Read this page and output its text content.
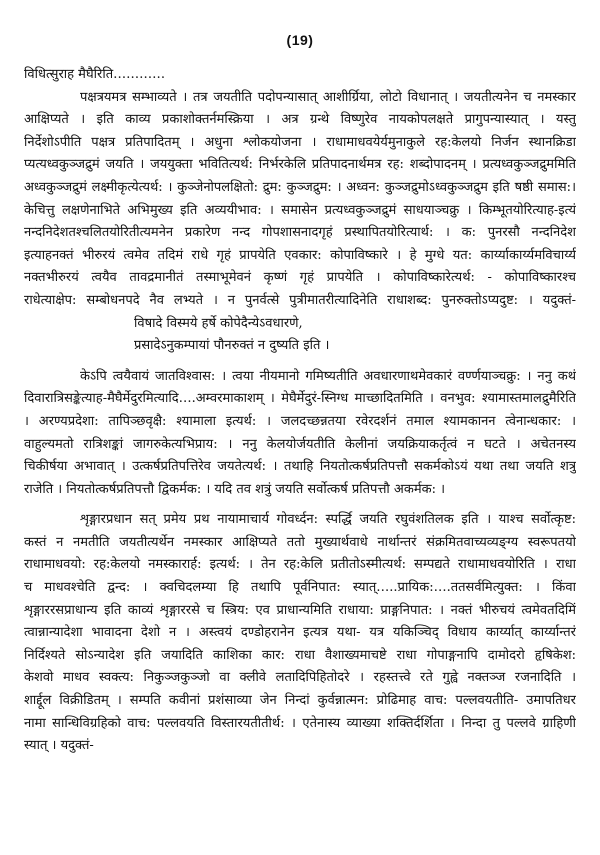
(19)
विधित्सुराह मैघैरिति…………
पक्षत्रयमत्र सम्भाव्यते । तत्र जयतीति पदोपन्यासात् आशीर्ग्रिया, लोटो विधानात् । जयतीत्यनेन च नमस्कार
आक्षिप्यते । इति काव्य प्रकाशोक्तर्नमस्क्रिया । अत्र ग्रन्थे विष्णुरेव नायकोपलक्षते प्रागुपन्यास्यात् । यस्तु
निर्देशोऽपीति पक्षत्र प्रतिपादितम् । अधुना श्लोकयोजना । राधामाधवयेर्यमुनाकुले रह:केलयो निर्जन स्थानक्रिडा
प्यत्यध्वकुञ्जद्रुमं जयति । जययुक्ता भवितित्यर्थ: निर्भरकेलि प्रतिपादनार्थमत्र रह: शब्दोपादनम् । प्रत्यध्वकुञ्जद्रुममिति
अध्वकुञ्जद्रुमं लक्ष्मीकृत्येत्यर्थ: । कुञ्जेनोपलक्षितो: द्रुम: कुञ्जद्रुम: । अध्वन: कुञ्जद्रुमोऽध्वकुञ्जद्रुम इति षष्ठी समास:।
केचित्तु लक्षणेनाभिते अभिमुख्य इति अव्ययीभाव: । समासेन प्रत्यध्वकुञ्जद्रुमं साधयाञ्चक्रु । किम्भूतयोरित्याह-इत्यं
नन्दनिदेशतश्चलितयोरितीत्यमनेन प्रकारेण नन्द गोपशासनादगृहं प्रस्थापितयोरित्यार्थ: । क: पुनरसौ नन्दनिदेश
इत्याहनक्तं भीरुरयं त्वमेव तदिमं राधे गृहं प्रापयेति एवकार: कोपाविष्कारे । हे मुग्धे यत: कार्य्याकार्य्यमविचार्य्य
नक्तभीरुरयं त्वयैव तावद्रमानीतं तस्माभूमेवनं कृष्णं गृहं प्रापयेति । कोपाविष्कारेत्यर्थ: - कोपाविष्कारश्च
राधेत्याक्षेप: सम्बोधनपदे नैव लभ्यते । न पुनर्वत्से पुत्रीमातरीत्यादिनेति राधाशब्द: पुनरुक्तोऽप्यदुष्ट: । यदुक्तं-
विषादे विस्मये हर्षे कोपेदैन्येऽवधारणे,
प्रसादेऽनुकम्पायां पौनरुक्तं न दुष्यति इति ।
केऽपि त्वयैवायं जातविश्वास: । त्वया नीयमानो गमिष्यतीति अवधारणाथमेवकारं वर्ण्णयाञ्चक्रु: । ननु कथं
दिवारात्रिसङ्केत्याह-मैघैर्मेदुरमित्यादि….अम्वरमाकाशम् । मेघैर्मेदुरं-स्निग्ध माच्छादितमिति । वनभुव: श्यामास्तमालद्रुमैरिति
। अरण्यप्रदेशा: तापिञ्छवृक्षै: श्यामाला इत्यर्थ: । जलदच्छन्नतया रवेरदर्शनं तमाल श्यामकानन त्वेनान्धकार: ।
वाहुल्यमतो रात्रिशङ्कां जागरुकेत्यभिप्राय: । ननु केलयोर्जयतीति केलीनां जयक्रियाकर्तृत्वं न घटते । अचेतनस्य
चिकीर्षया अभावात् । उत्कर्षप्रतिपत्तिरेव जयतेत्यर्थ: । तथाहि नियतोत्कर्षप्रतिपत्तौ सकर्मकोऽयं यथा तथा जयति शत्रु
राजेति । नियतोत्कर्षप्रतिपत्तौ द्विकर्मक: । यदि तव शत्रुं जयति सर्वोत्कर्ष प्रतिपत्तौ अकर्मक: ।
शृङ्गारप्रधान सत् प्रमेय प्रथ नायामाचार्य गोवर्ध्दन: स्पर्द्धि जयति रघुवंशतिलक इति । याश्च सर्वोत्कृष्ट:
कस्तं न नमतीति जयतीत्यर्थेन नमस्कार आक्षिप्यते ततो मुख्यार्थवाधे नार्थान्तरं संक्रमितवाच्यव्यङ्ग्य स्वरूपतयो
राधामाधवयो: रह:केलयो नमस्कारार्ह: इत्यर्थ: । तेन रह:केलि प्रतीतोऽस्मीत्यर्थ: सम्पद्यते राधामाधवयोरिति । राधा
च माधवश्चेति द्वन्द: । क्वचिदलम्या हि तथापि पूर्वनिपात: स्यात्…..प्रायिक:….ततसर्वमित्युक्त: । किंवा
शृङ्गाररसप्राधान्य इति काव्यं शृङ्गाररसे च स्त्रिय: एव प्राधान्यमिति राधाया: प्राङ्गनिपात: । नक्तं भीरुचयं त्वमेवतदिमिं
त्वान्नान्यादेशा भावादना देशो न । अस्त्वयं दण्डोहरानेन इत्यत्र यथा- यत्र यकिञ्चिद् विधाय कार्य्यात् कार्य्यान्तरं
निर्दिश्यते सोऽन्यादेश इति जयादिति काशिका कार: राधा वैशाख्यमाचष्टे राधा गोपाङ्गनापि दामोदरो हृषिकेश:
केशवो माधव स्वक्त्य: निकुञ्जकुञ्जो वा क्लीवे लतादिपिहितोदरे । रहस्तत्त्वे रते गुह्वे नक्तञ्ज रजनादिति ।
शार्द्दूल विक्रीडितम् । सम्पति कवीनां प्रशंसाव्या जेन निन्दां कुर्वन्नात्मन: प्रोढिमाह वाच: पल्लवयतीति- उमापतिधर
नामा सान्धिविग्रहिको वाच: पल्लवयति विस्तारयतीतीर्थ: । एतेनास्य व्याख्या शक्तिर्दर्शिता । निन्दा तु पल्लवे ग्राहिणी
स्यात् । यदुक्तं-
